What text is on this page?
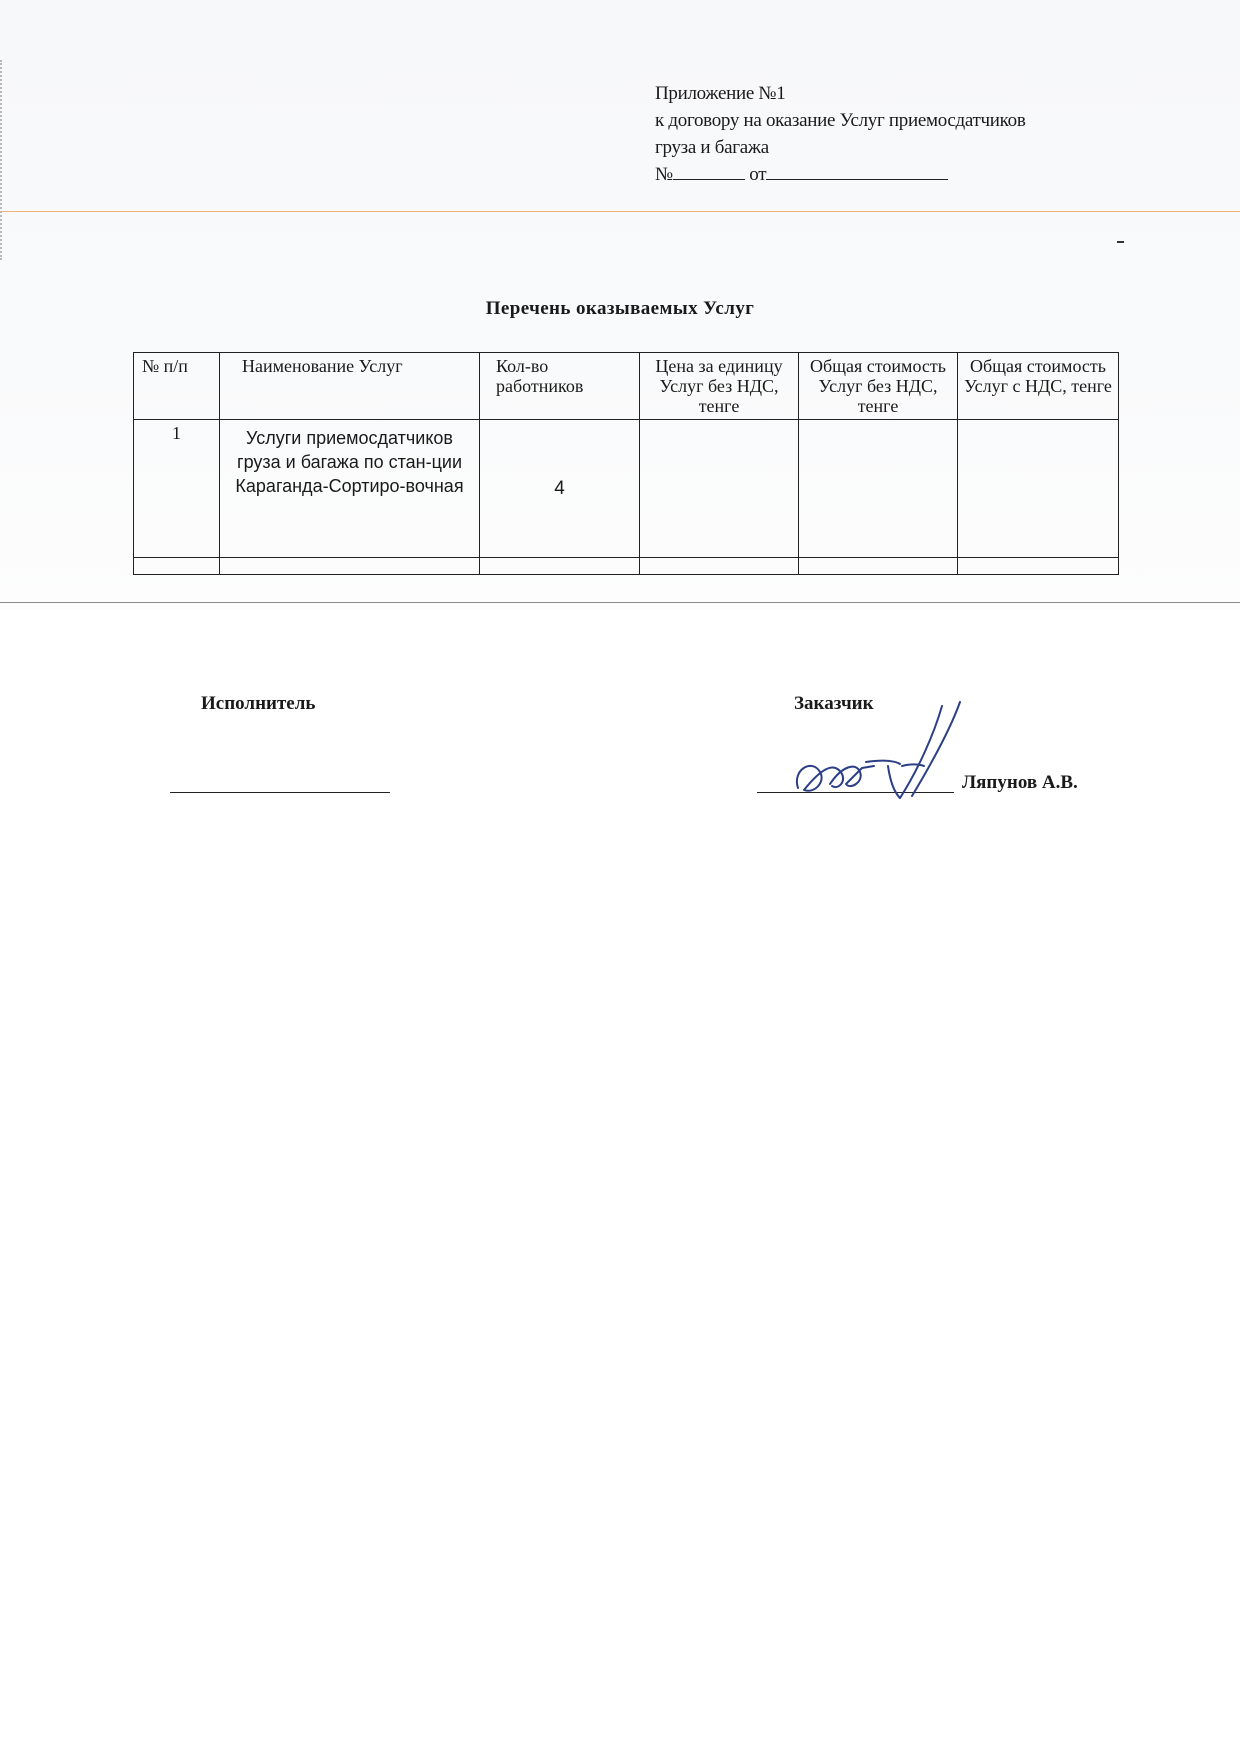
Приложение №1
к договору на оказание Услуг приемосдатчиков
груза и багажа
№	от
Перечень оказываемых Услуг
№ п/п	Наименование Услуг	Кол-во работников	Цена за единицу Услуг без НДС, тенге	Общая стоимость Услуг без НДС, тенге	Общая стоимость Услуг с НДС, тенге
1	Услуги приемосдатчиков груза и багажа по стан-ции Караганда-Сортиро-вочная	4			

Исполнитель	Заказчик
Ляпунов А.В.
